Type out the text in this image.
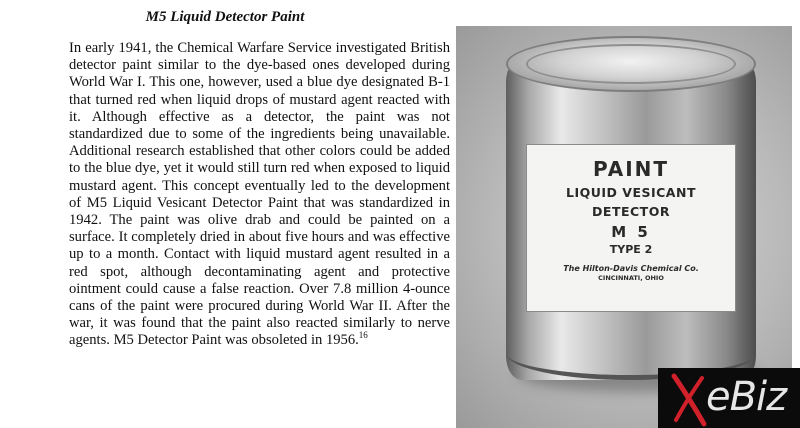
M5 Liquid Detector Paint

In early 1941, the Chemical Warfare Service investigated British detector paint similar to the dye-based ones developed during World War I. This one, however, used a blue dye designated B-1 that turned red when liquid drops of mustard agent reacted with it. Although effective as a detector, the paint was not standardized due to some of the ingredients being unavailable. Additional research established that other colors could be added to the blue dye, yet it would still turn red when exposed to liquid mustard agent. This concept eventually led to the development of M5 Liquid Vesicant Detector Paint that was standardized in 1942. The paint was olive drab and could be painted on a surface. It completely dried in about five hours and was effective up to a month. Contact with liquid mustard agent resulted in a red spot, although decontaminating agent and protective ointment could cause a false reaction. Over 7.8 million 4-ounce cans of the paint were procured during World War II. After the war, it was found that the paint also reacted similarly to nerve agents. M5 Detector Paint was obsoleted in 1956.16

PAINT
LIQUID VESICANT
DETECTOR
M 5
TYPE 2
The Hilton-Davis Chemical Co.
CINCINNATI, OHIO
eBiz
